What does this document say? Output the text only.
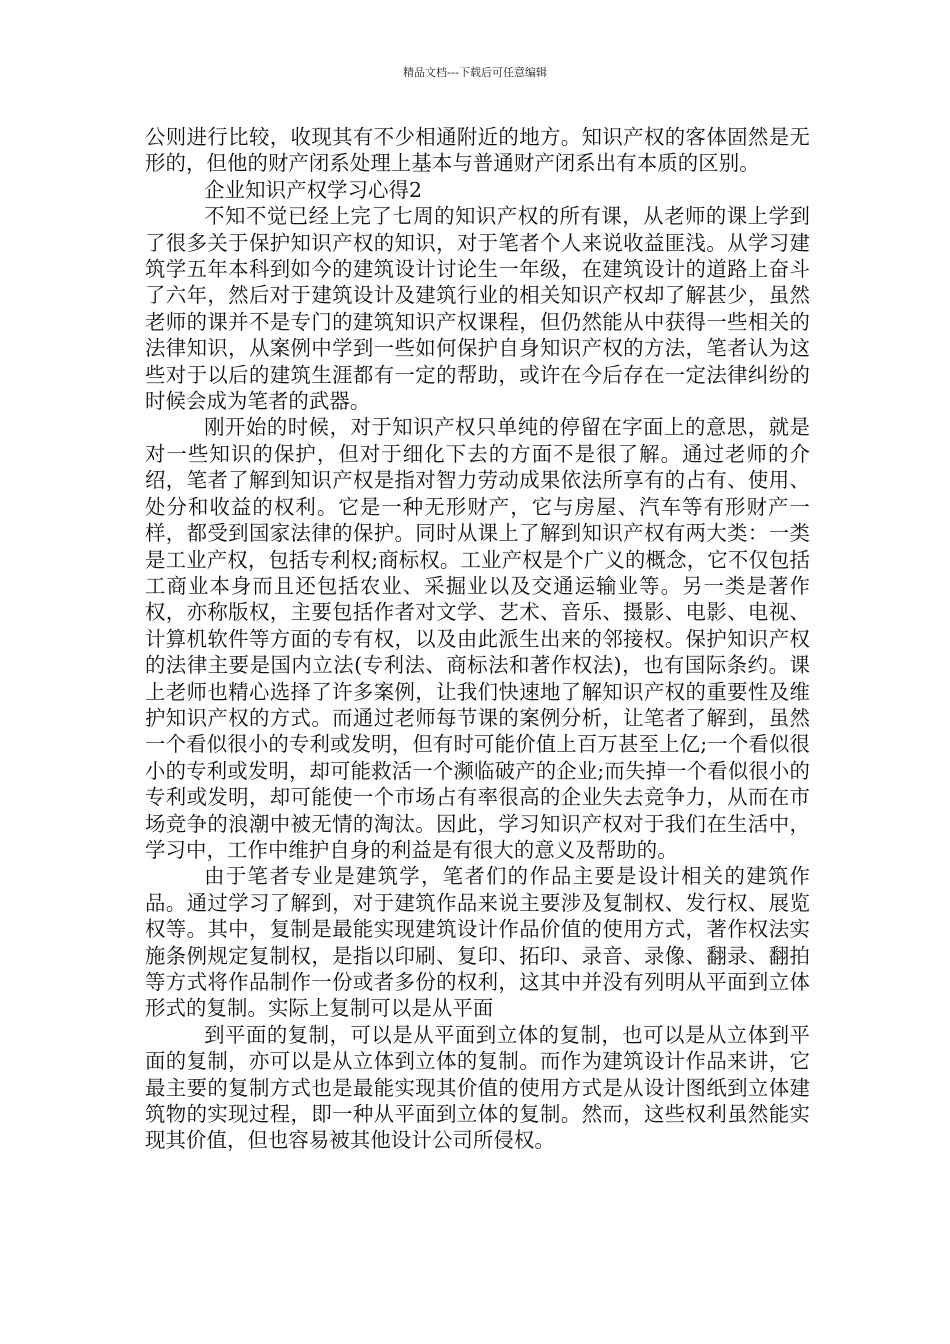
精品文档---下载后可任意编辑

公则进行比较，收现其有不少相通附近的地方。知识产权的客体固然是无形的，但他的财产闭系处理上基本与普通财产闭系出有本质的区别。

企业知识产权学习心得2

不知不觉已经上完了七周的知识产权的所有课，从老师的课上学到了很多关于保护知识产权的知识，对于笔者个人来说收益匪浅。从学习建筑学五年本科到如今的建筑设计讨论生一年级，在建筑设计的道路上奋斗了六年，然后对于建筑设计及建筑行业的相关知识产权却了解甚少，虽然老师的课并不是专门的建筑知识产权课程，但仍然能从中获得一些相关的法律知识，从案例中学到一些如何保护自身知识产权的方法，笔者认为这些对于以后的建筑生涯都有一定的帮助，或许在今后存在一定法律纠纷的时候会成为笔者的武器。

刚开始的时候，对于知识产权只单纯的停留在字面上的意思，就是对一些知识的保护，但对于细化下去的方面不是很了解。通过老师的介绍，笔者了解到知识产权是指对智力劳动成果依法所享有的占有、使用、处分和收益的权利。它是一种无形财产，它与房屋、汽车等有形财产一样，都受到国家法律的保护。同时从课上了解到知识产权有两大类：一类是工业产权，包括专利权;商标权。工业产权是个广义的概念，它不仅包括工商业本身而且还包括农业、采掘业以及交通运输业等。另一类是著作权，亦称版权，主要包括作者对文学、艺术、音乐、摄影、电影、电视、计算机软件等方面的专有权，以及由此派生出来的邻接权。保护知识产权的法律主要是国内立法(专利法、商标法和著作权法)，也有国际条约。课上老师也精心选择了许多案例，让我们快速地了解知识产权的重要性及维护知识产权的方式。而通过老师每节课的案例分析，让笔者了解到，虽然一个看似很小的专利或发明，但有时可能价值上百万甚至上亿;一个看似很小的专利或发明，却可能救活一个濒临破产的企业;而失掉一个看似很小的专利或发明，却可能使一个市场占有率很高的企业失去竞争力，从而在市场竞争的浪潮中被无情的淘汰。因此，学习知识产权对于我们在生活中，学习中，工作中维护自身的利益是有很大的意义及帮助的。

由于笔者专业是建筑学，笔者们的作品主要是设计相关的建筑作品。通过学习了解到，对于建筑作品来说主要涉及复制权、发行权、展览权等。其中，复制是最能实现建筑设计作品价值的使用方式，著作权法实施条例规定复制权，是指以印刷、复印、拓印、录音、录像、翻录、翻拍等方式将作品制作一份或者多份的权利，这其中并没有列明从平面到立体形式的复制。实际上复制可以是从平面

到平面的复制，可以是从平面到立体的复制，也可以是从立体到平面的复制，亦可以是从立体到立体的复制。而作为建筑设计作品来讲，它最主要的复制方式也是最能实现其价值的使用方式是从设计图纸到立体建筑物的实现过程，即一种从平面到立体的复制。然而，这些权利虽然能实现其价值，但也容易被其他设计公司所侵权。
